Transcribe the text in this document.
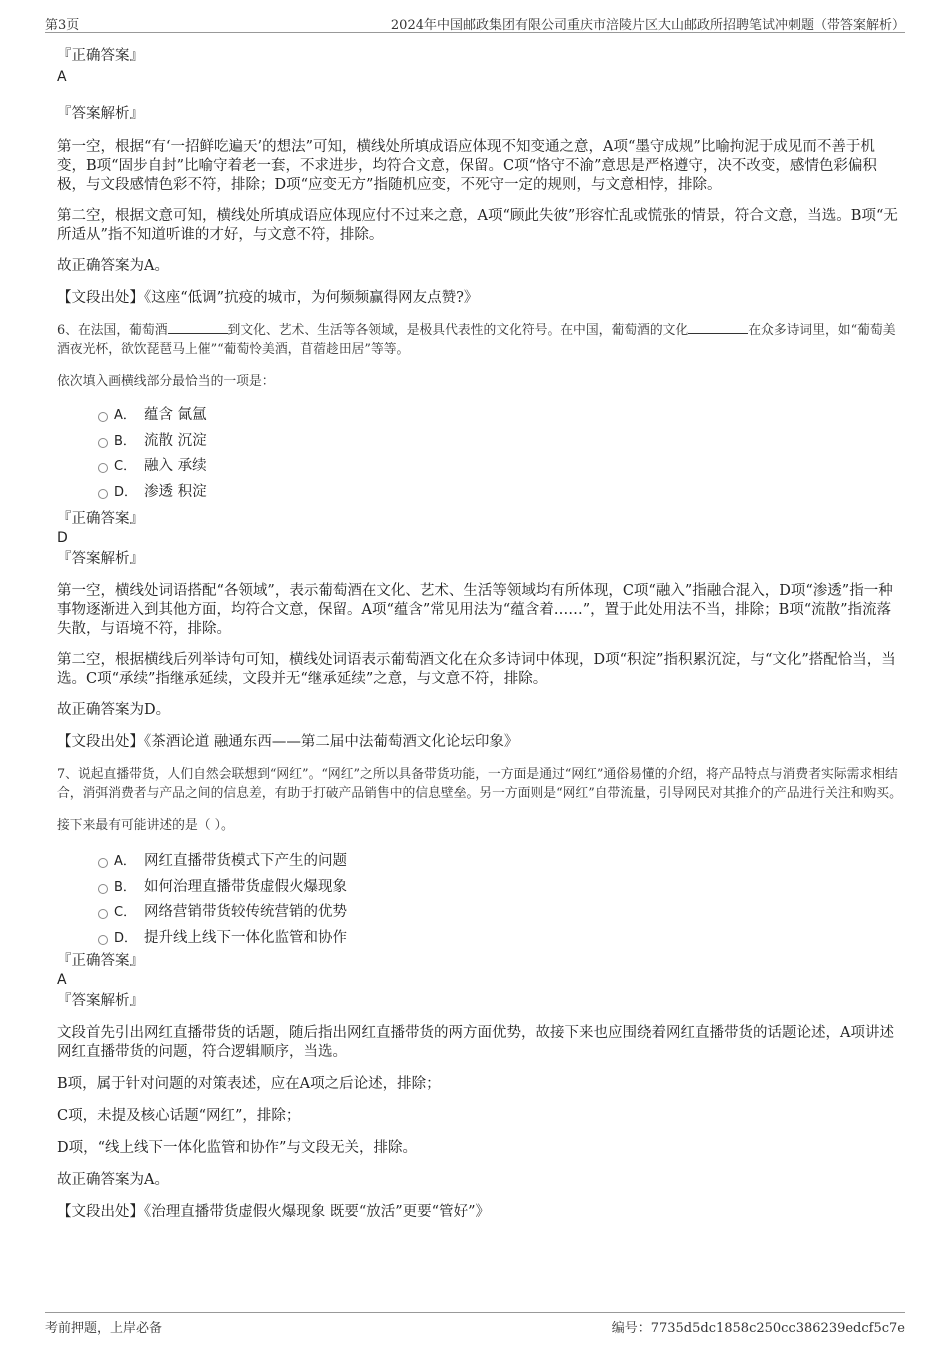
第3页	2024年中国邮政集团有限公司重庆市涪陵片区大山邮政所招聘笔试冲刺题（带答案解析）

『正确答案』

A

『答案解析』

第一空，根据“有‘一招鲜吃遍天’的想法”可知，横线处所填成语应体现不知变通之意，A项“墨守成规”比喻拘泥于成见而不善于机变，B项“固步自封”比喻守着老一套，不求进步，均符合文意，保留。C项“恪守不渝”意思是严格遵守，决不改变，感情色彩偏积极，与文段感情色彩不符，排除；D项“应变无方”指随机应变，不死守一定的规则，与文意相悖，排除。

第二空，根据文意可知，横线处所填成语应体现应付不过来之意，A项“顾此失彼”形容忙乱或慌张的情景，符合文意，当选。B项“无所适从”指不知道听谁的才好，与文意不符，排除。

故正确答案为A。

【文段出处】《这座“低调”抗疫的城市，为何频频赢得网友点赞?》

6、在法国，葡萄酒	到文化、艺术、生活等各领域，是极具代表性的文化符号。在中国，葡萄酒的文化	在众多诗词里，如“葡萄美酒夜光杯，欲饮琵琶马上催”“葡萄怜美酒，苜蓿趁田居”等等。

依次填入画横线部分最恰当的一项是：

A． 蕴含 氤氲
B． 流散 沉淀
C． 融入 承续
D． 渗透 积淀

『正确答案』

D

『答案解析』

第一空，横线处词语搭配“各领域”，表示葡萄酒在文化、艺术、生活等领域均有所体现，C项“融入”指融合混入，D项“渗透”指一种事物逐渐进入到其他方面，均符合文意，保留。A项“蕴含”常见用法为“蕴含着……”，置于此处用法不当，排除；B项“流散”指流落失散，与语境不符，排除。

第二空，根据横线后列举诗句可知，横线处词语表示葡萄酒文化在众多诗词中体现，D项“积淀”指积累沉淀，与“文化”搭配恰当，当选。C项“承续”指继承延续，文段并无“继承延续”之意，与文意不符，排除。

故正确答案为D。

【文段出处】《茶酒论道 融通东西——第二届中法葡萄酒文化论坛印象》

7、说起直播带货，人们自然会联想到“网红”。“网红”之所以具备带货功能，一方面是通过“网红”通俗易懂的介绍，将产品特点与消费者实际需求相结合，消弭消费者与产品之间的信息差，有助于打破产品销售中的信息壁垒。另一方面则是“网红”自带流量，引导网民对其推介的产品进行关注和购买。

接下来最有可能讲述的是（ ）。

A． 网红直播带货模式下产生的问题
B． 如何治理直播带货虚假火爆现象
C． 网络营销带货较传统营销的优势
D． 提升线上线下一体化监管和协作

『正确答案』

A

『答案解析』

文段首先引出网红直播带货的话题，随后指出网红直播带货的两方面优势，故接下来也应围绕着网红直播带货的话题论述，A项讲述网红直播带货的问题，符合逻辑顺序，当选。

B项，属于针对问题的对策表述，应在A项之后论述，排除；

C项，未提及核心话题“网红”，排除；

D项，“线上线下一体化监管和协作”与文段无关，排除。

故正确答案为A。

【文段出处】《治理直播带货虚假火爆现象 既要“放活”更要“管好”》

考前押题，上岸必备	编号：7735d5dc1858c250cc386239edcf5c7e
